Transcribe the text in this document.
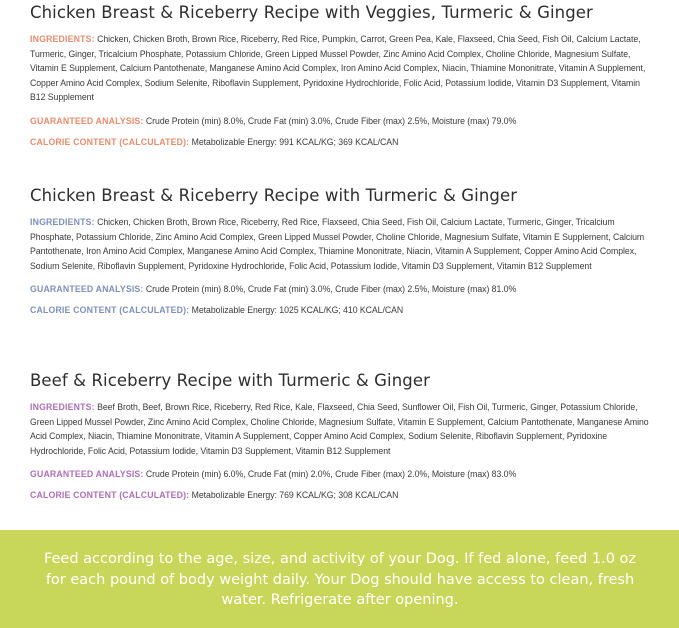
Chicken Breast & Riceberry Recipe with Veggies, Turmeric & Ginger

INGREDIENTS: Chicken, Chicken Broth, Brown Rice, Riceberry, Red Rice, Pumpkin, Carrot, Green Pea, Kale, Flaxseed, Chia Seed, Fish Oil, Calcium Lactate, Turmeric, Ginger, Tricalcium Phosphate, Potassium Chloride, Green Lipped Mussel Powder, Zinc Amino Acid Complex, Choline Chloride, Magnesium Sulfate, Vitamin E Supplement, Calcium Pantothenate, Manganese Amino Acid Complex, Iron Amino Acid Complex, Niacin, Thiamine Mononitrate, Vitamin A Supplement, Copper Amino Acid Complex, Sodium Selenite, Riboflavin Supplement, Pyridoxine Hydrochloride, Folic Acid, Potassium Iodide, Vitamin D3 Supplement, Vitamin B12 Supplement

GUARANTEED ANALYSIS: Crude Protein (min) 8.0%, Crude Fat (min) 3.0%, Crude Fiber (max) 2.5%, Moisture (max) 79.0%

CALORIE CONTENT (CALCULATED): Metabolizable Energy: 991 KCAL/KG; 369 KCAL/CAN

Chicken Breast & Riceberry Recipe with Turmeric & Ginger

INGREDIENTS: Chicken, Chicken Broth, Brown Rice, Riceberry, Red Rice, Flaxseed, Chia Seed, Fish Oil, Calcium Lactate, Turmeric, Ginger, Tricalcium Phosphate, Potassium Chloride, Zinc Amino Acid Complex, Green Lipped Mussel Powder, Choline Chloride, Magnesium Sulfate, Vitamin E Supplement, Calcium Pantothenate, Iron Amino Acid Complex, Manganese Amino Acid Complex, Thiamine Mononitrate, Niacin, Vitamin A Supplement, Copper Amino Acid Complex, Sodium Selenite, Riboflavin Supplement, Pyridoxine Hydrochloride, Folic Acid, Potassium Iodide, Vitamin D3 Supplement, Vitamin B12 Supplement

GUARANTEED ANALYSIS: Crude Protein (min) 8.0%, Crude Fat (min) 3.0%, Crude Fiber (max) 2.5%, Moisture (max) 81.0%

CALORIE CONTENT (CALCULATED): Metabolizable Energy: 1025 KCAL/KG; 410 KCAL/CAN

Beef & Riceberry Recipe with Turmeric & Ginger

INGREDIENTS: Beef Broth, Beef, Brown Rice, Riceberry, Red Rice, Kale, Flaxseed, Chia Seed, Sunflower Oil, Fish Oil, Turmeric, Ginger, Potassium Chloride, Green Lipped Mussel Powder, Zinc Amino Acid Complex, Choline Chloride, Magnesium Sulfate, Vitamin E Supplement, Calcium Pantothenate, Manganese Amino Acid Complex, Niacin, Thiamine Mononitrate, Vitamin A Supplement, Copper Amino Acid Complex, Sodium Selenite, Riboflavin Supplement, Pyridoxine Hydrochloride, Folic Acid, Potassium Iodide, Vitamin D3 Supplement, Vitamin B12 Supplement

GUARANTEED ANALYSIS: Crude Protein (min) 6.0%, Crude Fat (min) 2.0%, Crude Fiber (max) 2.0%, Moisture (max) 83.0%

CALORIE CONTENT (CALCULATED): Metabolizable Energy: 769 KCAL/KG; 308 KCAL/CAN

Feed according to the age, size, and activity of your Dog. If fed alone, feed 1.0 oz for each pound of body weight daily. Your Dog should have access to clean, fresh water. Refrigerate after opening.
